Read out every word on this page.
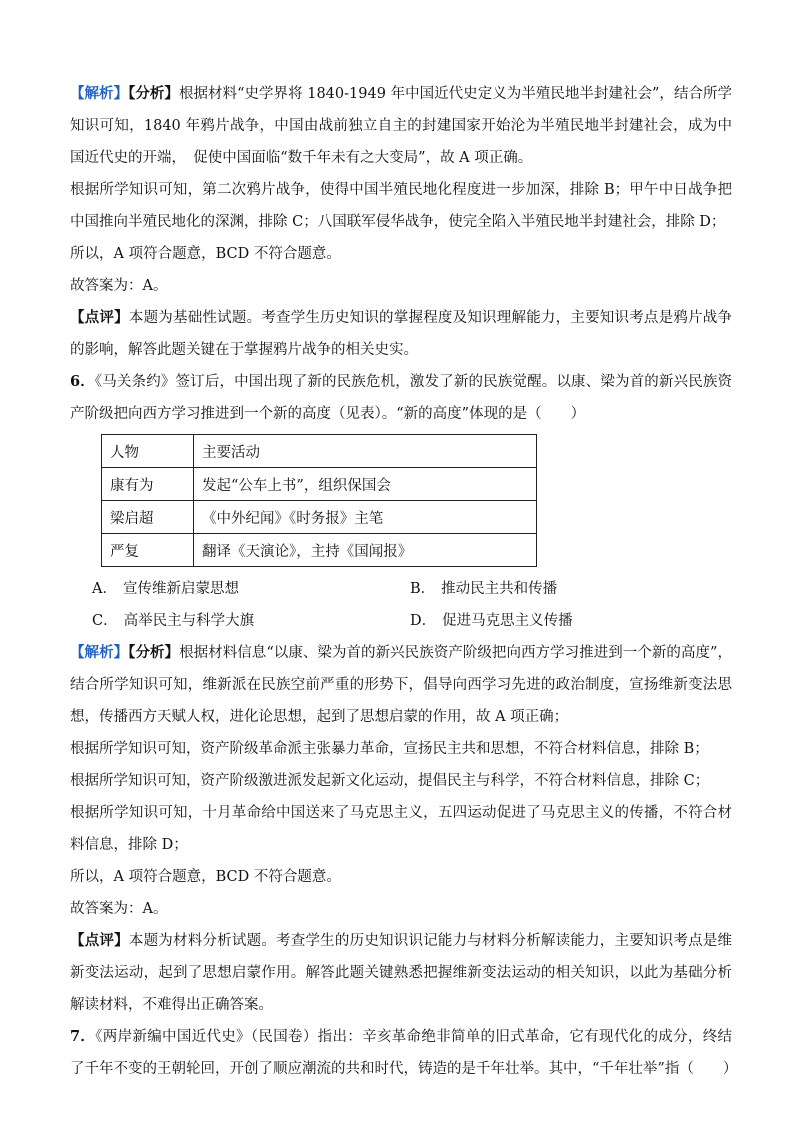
【解析】【分析】根据材料“史学界将 1840-1949 年中国近代史定义为半殖民地半封建社会”，结合所学知识可知，1840 年鸦片战争，中国由战前独立自主的封建国家开始沦为半殖民地半封建社会，成为中国近代史的开端，　促使中国面临“数千年未有之大变局”，故 A 项正确。

根据所学知识可知，第二次鸦片战争，使得中国半殖民地化程度进一步加深，排除 B；甲午中日战争把中国推向半殖民地化的深渊，排除 C；八国联军侵华战争，使完全陷入半殖民地半封建社会，排除 D；

所以，A 项符合题意，BCD 不符合题意。

故答案为：A。

【点评】本题为基础性试题。考查学生历史知识的掌握程度及知识理解能力，主要知识考点是鸦片战争的影响，解答此题关键在于掌握鸦片战争的相关史实。

6．《马关条约》签订后，中国出现了新的民族危机，激发了新的民族觉醒。以康、梁为首的新兴民族资产阶级把向西方学习推进到一个新的高度（见表）。“新的高度”体现的是（　　）

人物	主要活动
康有为	发起“公车上书”，组织保国会
梁启超	《中外纪闻》《时务报》主笔
严复	翻译《天演论》，主持《国闻报》
A． 宣传维新启蒙思想	B． 推动民主共和传播
C． 高举民主与科学大旗	D． 促进马克思主义传播

【解析】【分析】根据材料信息“以康、梁为首的新兴民族资产阶级把向西方学习推进到一个新的高度”，结合所学知识可知，维新派在民族空前严重的形势下，倡导向西学习先进的政治制度，宣扬维新变法思想，传播西方天赋人权，进化论思想，起到了思想启蒙的作用，故 A 项正确；

根据所学知识可知，资产阶级革命派主张暴力革命，宣扬民主共和思想，不符合材料信息，排除 B；

根据所学知识可知，资产阶级激进派发起新文化运动，提倡民主与科学，不符合材料信息，排除 C；

根据所学知识可知，十月革命给中国送来了马克思主义，五四运动促进了马克思主义的传播，不符合材料信息，排除 D；

所以，A 项符合题意，BCD 不符合题意。

故答案为：A。

【点评】本题为材料分析试题。考查学生的历史知识识记能力与材料分析解读能力，主要知识考点是维新变法运动，起到了思想启蒙作用。解答此题关键熟悉把握维新变法运动的相关知识，以此为基础分析解读材料，不难得出正确答案。

7．《两岸新编中国近代史》（民国卷）指出：辛亥革命绝非简单的旧式革命，它有现代化的成分，终结了千年不变的王朝轮回，开创了顺应潮流的共和时代，铸造的是千年壮举。其中，“千年壮举”指（　　）
